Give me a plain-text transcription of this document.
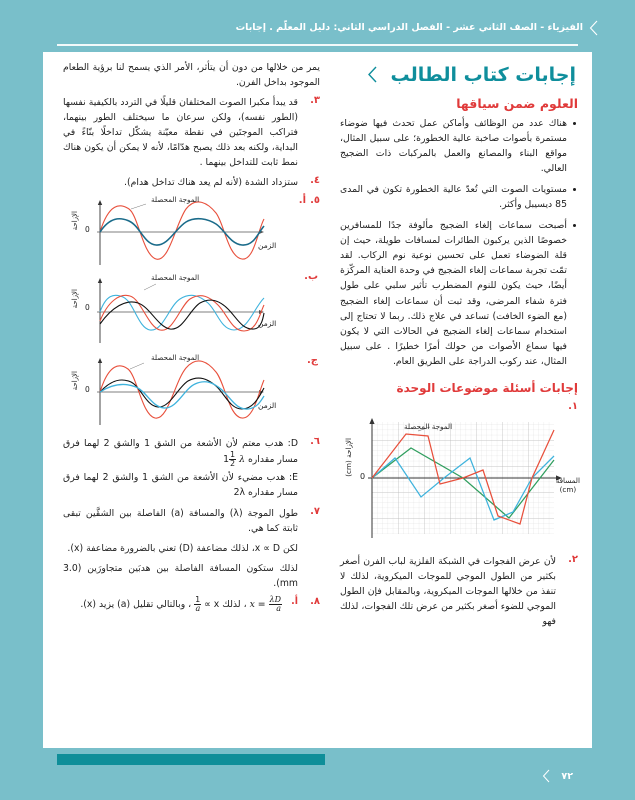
الفيزياء - الصف الثاني عشر - الفصل الدراسي الثاني: دليل المعلّم . إجابات
إجابات كتاب الطالب
العلوم ضمن سياقها
هناك عدد من الوظائف وأماكن عمل تحدث فيها ضوضاء مستمرة بأصوات صاخبة عالية الخطورة؛ على سبيل المثال، مواقع البناء والمصانع والعمل بالمركبات ذات الضجيج العالي.
مستويات الصوت التي تُعدّ عالية الخطورة تكون في المدى 85 ديسيبل وأكثر.
أصبحت سماعات إلغاء الضجيج مألوفة جدًا للمسافرين خصوصًا الذين يركبون الطائرات لمسافات طويلة، حيث إن قلة الضوضاء تعمل على تحسين نوعية نوم الركاب. لقد تمّت تجربة سماعات إلغاء الضجيج في وحدة العناية المركّزة أيضًا، حيث يكون للنوم المضطرب تأثير سلبي على طول فترة شفاء المرضى، وقد ثبت أن سماعات إلغاء الضجيج (مع الضوء الخافت) تساعد في علاج ذلك. ربما لا تحتاج إلى استخدام سماعات إلغاء الضجيج في الحالات التي لا يكون فيها سماع الأصوات من حولك أمرًا خطيرًا . على سبيل المثال، عند ركوب الدراجة على الطريق العام.
إجابات أسئلة موضوعات الوحدة
١.
الإزاحة (cm)
المسافة
(cm)
0
الموجة المحصلة
٢.
لأن عرض الفجوات في الشبكة الفلزية لباب الفرن أصغر بكثير من الطول الموجي للموجات الميكروية، لذلك لا تنفذ من خلالها الموجات الميكروية، وبالمقابل فإن الطول الموجي للضوء أصغر بكثير من عرض تلك الفجوات، لذلك فهو
يمر من خلالها من دون أن يتأثر، الأمر الذي يسمح لنا برؤية الطعام الموجود بداخل الفرن.
٣.
قد يبدأ مكبرا الصوت المختلفان قليلًا في التردد بالكيفية نفسها (الطور نفسه)، ولكن سرعان ما سيختلف الطور بينهما، فتراكب الموجتَين في نقطة معيّنة يشكّل تداخلًا بنّاءً في البداية، ولكنه بعد ذلك يصبح هدّامًا، لأنه لا يمكن أن يكون هناك نمط ثابت للتداخل بينهما .
٤.
ستزداد الشدة (لأنه لم يعد هناك تداخل هدام).
٥.
أ.
الإزاحة
الموجة المحصلة
الزمن
0
ب.
الإزاحة
الموجة المحصلة
الزمن
0
ج.
الإزاحة
الموجة المحصلة
الزمن
0
٦.
D: هدب معتم لأن الأشعة من الشق 1 والشق 2 لهما فرق مسار مقداره $1 \frac{1}{2}$ λ
E: هدب مضيء لأن الأشعة من الشق 1 والشق 2 لهما فرق مسار مقداره 2λ
٧.
طول الموجة (λ) والمسافة (a) الفاصلة بين الشقَّين تبقى ثابتة كما هي.
لكن x ∝ D، لذلك مضاعفة (D) تعني بالضرورة مضاعفة (x).
لذلك ستكون المسافة الفاصلة بين هدبَين متجاورَين (3.0 mm).
٨.
أ.
$x = \frac{\lambda D}{a}$
، لذلك x ∝
$\frac{1}{a}$
، وبالتالي تقليل (a) يزيد (x).
٧٢
